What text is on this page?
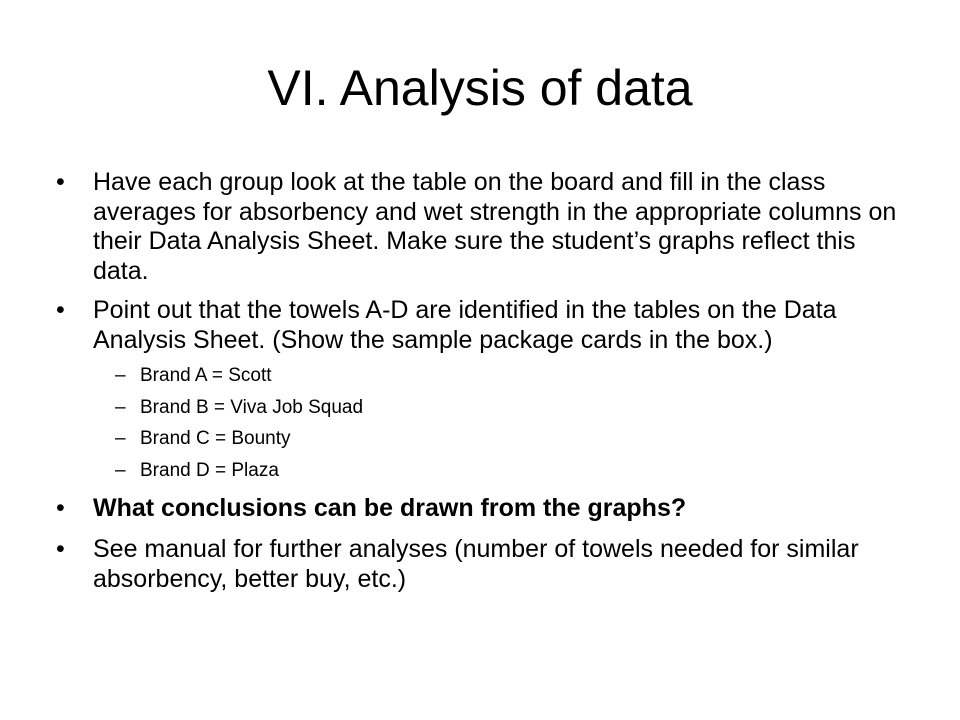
VI. Analysis of data
•	Have each group look at the table on the board and fill in the class averages for absorbency and wet strength in the appropriate columns on their Data Analysis Sheet. Make sure the student’s graphs reflect this data.
•	Point out that the towels A-D are identified in the tables on the Data Analysis Sheet. (Show the sample package cards in the box.)
– Brand A = Scott
– Brand B = Viva Job Squad
– Brand C = Bounty
– Brand D = Plaza
•	What conclusions can be drawn from the graphs?
•	See manual for further analyses (number of towels needed for similar absorbency, better buy, etc.)
